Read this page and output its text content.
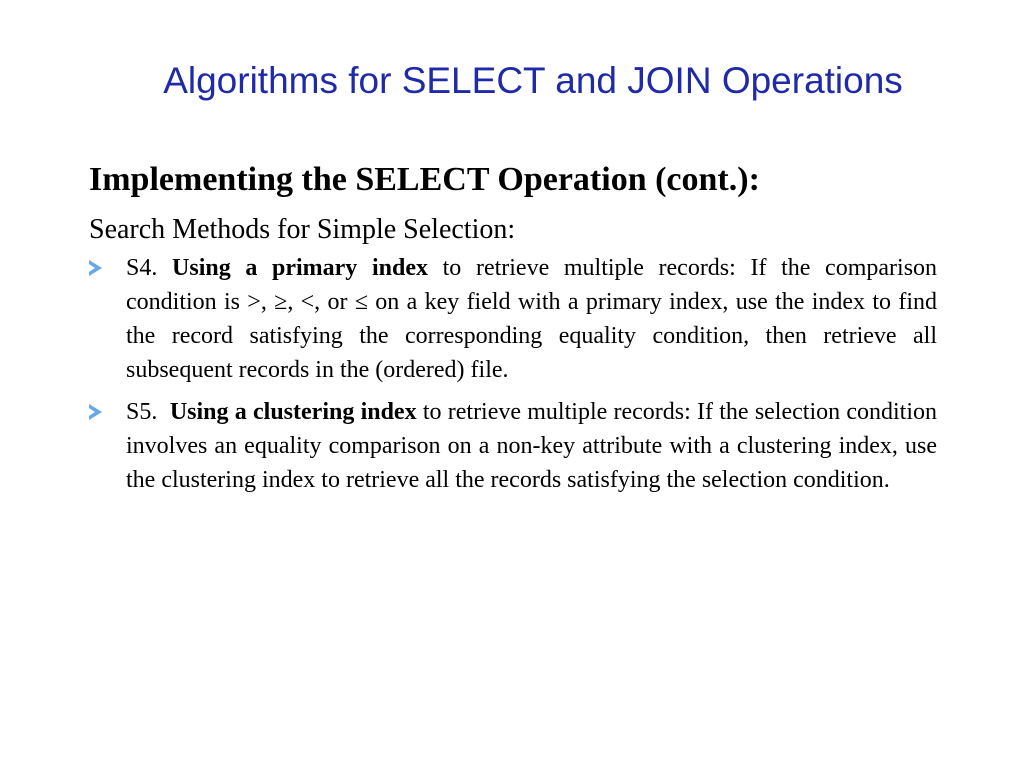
Algorithms for SELECT and JOIN Operations

Implementing the SELECT Operation (cont.):

Search Methods for Simple Selection:

S4. Using a primary index to retrieve multiple records: If the comparison condition is >, ≥, <, or ≤ on a key field with a primary index, use the index to find the record satisfying the corresponding equality condition, then retrieve all subsequent records in the (ordered) file.
S5. Using a clustering index to retrieve multiple records: If the selection condition involves an equality comparison on a non-key attribute with a clustering index, use the clustering index to retrieve all the records satisfying the selection condition.
